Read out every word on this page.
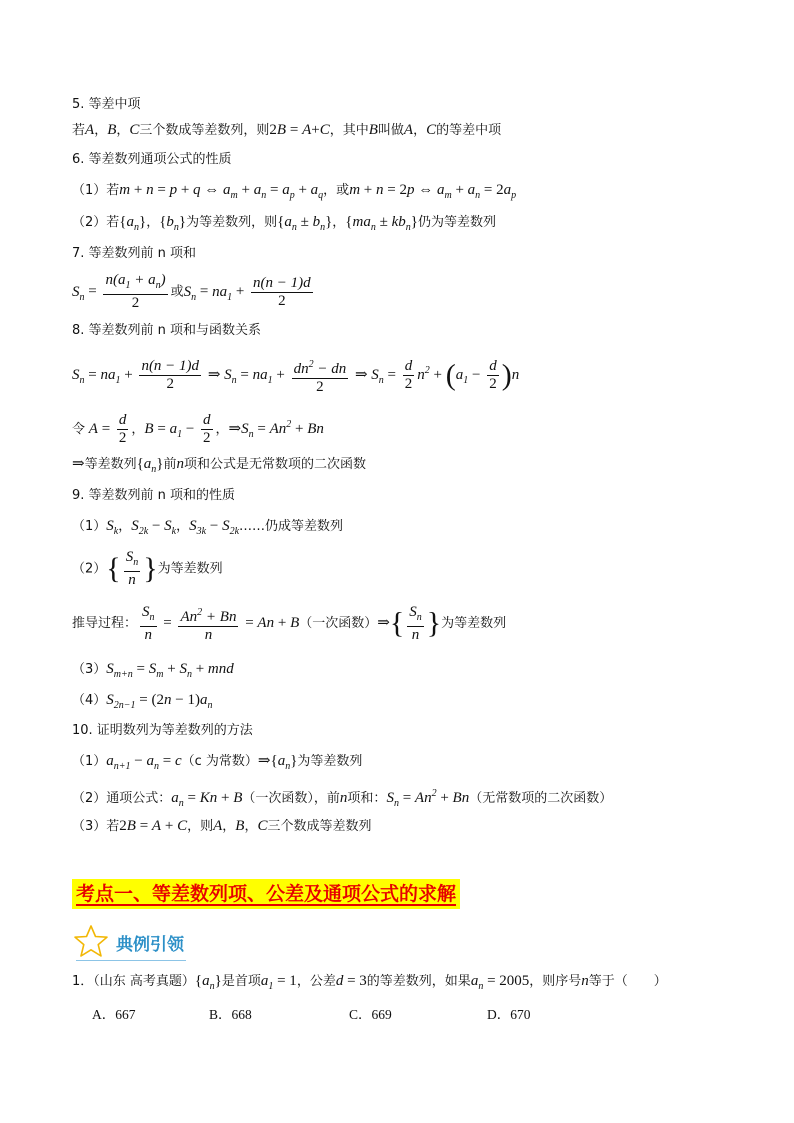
5. 等差中项
若A，B，C三个数成等差数列，则2B = A+C，其中B叫做A，C的等差中项
6. 等差数列通项公式的性质
（1）若m + n = p + q ⇔ $a_m + a_n = a_p + a_q$，或m + n = 2p ⇔ $a_m + a_n = 2a_p$
（2）若$\{a_n\}$，$\{b_n\}$为等差数列，则$\{a_n \pm b_n\}$，$\{ma_n \pm kb_n\}$仍为等差数列
7. 等差数列前 n 项和
$S_n = \frac{n(a_1 + a_n)}{2}$ 或$S_n = na_1 + \frac{n(n - 1)d}{2}$
8. 等差数列前 n 项和与函数关系
$S_n = na_1 + \frac{n(n - 1)d}{2}$ ⇒ $S_n = na_1 + \frac{dn^2 - dn}{2}$ ⇒ $S_n = \frac{d}{2} n^2 + (a_1 - \frac{d}{2} )n$
令 $A = \frac{d}{2}$ ，$B = a_1 - \frac{d}{2}$ ，$\Rightarrow S_n = An^2 + Bn$
⇒等差数列$\{a_n\}$前n项和公式是无常数项的二次函数
9. 等差数列前 n 项和的性质
$(1)S_k$，$S_{2k} - S_k$，$S_{3k}$ − $S_{2k}\dots\dots$仍成等差数列
$(2)\{ \frac{S_n}{n}$ }为等差数列
推导过程： $\frac{S_n}{n} = \frac{An^2 + Bn}{n} = An + B$（一次函数）⇒{ $\frac{S_n}{n}$ }为等差数列
$(3)S_{m+n} = S_m + S_n$ + mnd
$(4)S_{2n-1} = (2n - 1)a_n$
10. 证明数列为等差数列的方法
$(1)a_{n+1} - a_n = c(c$ 为常数）$\Rightarrow\{a_n\}$为等差数列
（2）通项公式：$a_n = Kn + B$（一次函数），前n项和：$S_n = An^2 + Bn$（无常数项的二次函数）
（3）若2B = A + C，则A，B，C三个数成等差数列
考点一、等差数列项、公差及通项公式的求解
典例引领
1．（山东 高考真题）$\{a_n\}$是首项$a_1 = 1$，公差d = 3的等差数列，如果$a_n = 2005$，则序号n等于（　　）
A．667	B．668	C．669	D．670
